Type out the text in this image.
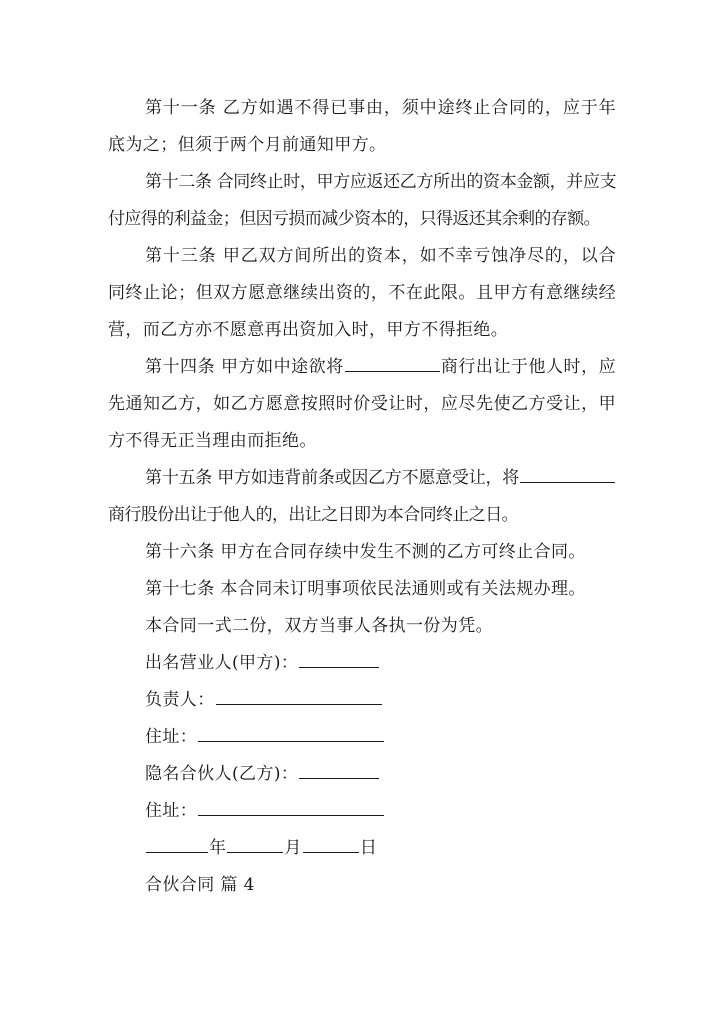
第十一条 乙方如遇不得已事由，须中途终止合同的，应于年底为之；但须于两个月前通知甲方。

第十二条 合同终止时，甲方应返还乙方所出的资本金额，并应支付应得的利益金；但因亏损而减少资本的，只得返还其余剩的存额。

第十三条 甲乙双方间所出的资本，如不幸亏蚀净尽的，以合同终止论；但双方愿意继续出资的，不在此限。且甲方有意继续经营，而乙方亦不愿意再出资加入时，甲方不得拒绝。

第十四条 甲方如中途欲将	商行出让于他人时，应先通知乙方，如乙方愿意按照时价受让时，应尽先使乙方受让，甲方不得无正当理由而拒绝。

第十五条 甲方如违背前条或因乙方不愿意受让，将商行股份出让于他人的，出让之日即为本合同终止之日。

第十六条 甲方在合同存续中发生不测的乙方可终止合同。

第十七条 本合同未订明事项依民法通则或有关法规办理。

本合同一式二份，双方当事人各执一份为凭。

出名营业人(甲方)：

负责人：

住址：

隐名合伙人(乙方)：

住址：

年	月	日

合伙合同 篇 4
